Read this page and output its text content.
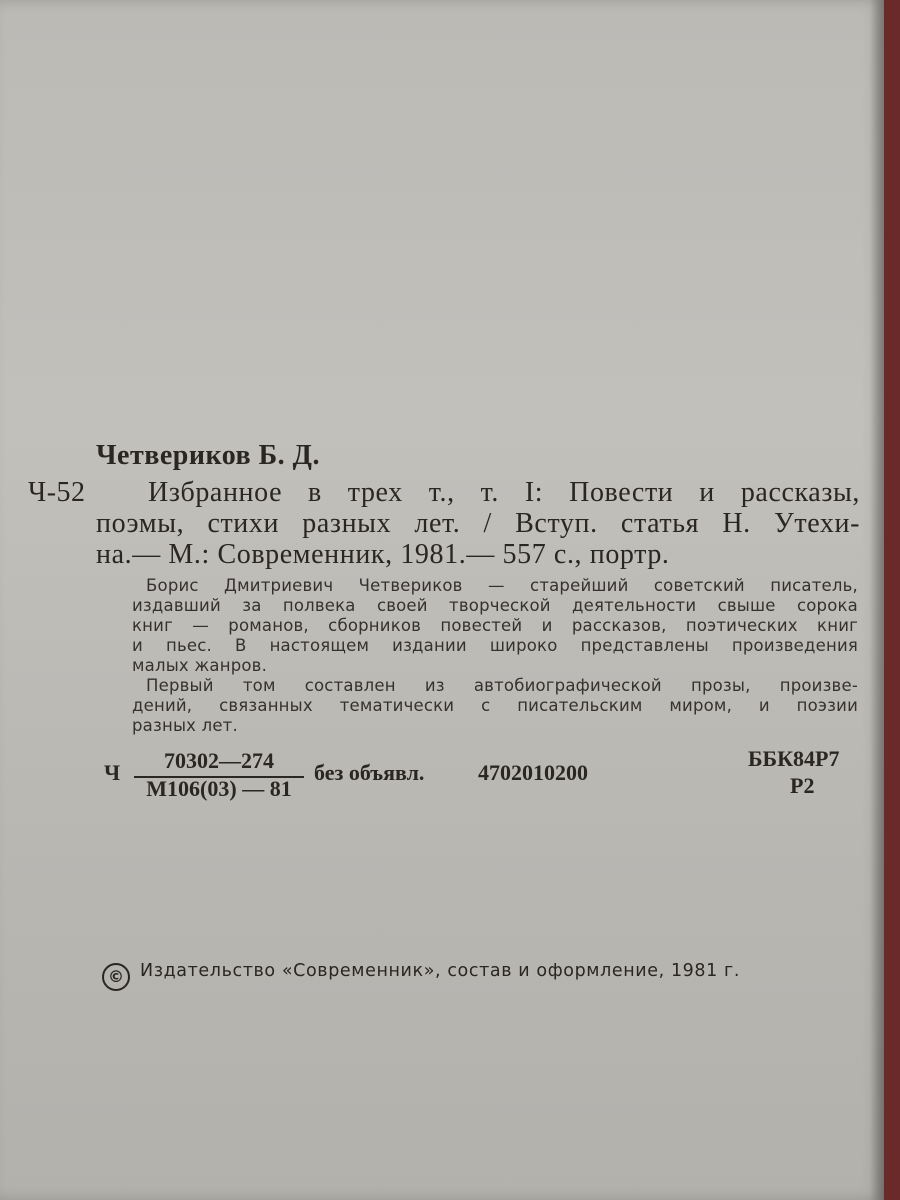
Четвериков Б. Д.
Ч-52 Избранное в трех т., т. I: Повести и рассказы,
поэмы, стихи разных лет. / Вступ. статья Н. Утехи-
на.— М.: Современник, 1981.— 557 с., портр.
Борис Дмитриевич Четвериков — старейший советский писатель,
издавший за полвека своей творческой деятельности свыше сорока
книг — романов, сборников повестей и рассказов, поэтических книг
и пьес. В настоящем издании широко представлены произведения
малых жанров.
Первый том составлен из автобиографической прозы, произве-
дений, связанных тематически с писательским миром, и поэзии
разных лет.
Ч	70302—274
М106(03) — 81
без объявл. 4702010200
ББК84Р7
Р2
© Издательство «Современник», состав и оформление, 1981 г.
